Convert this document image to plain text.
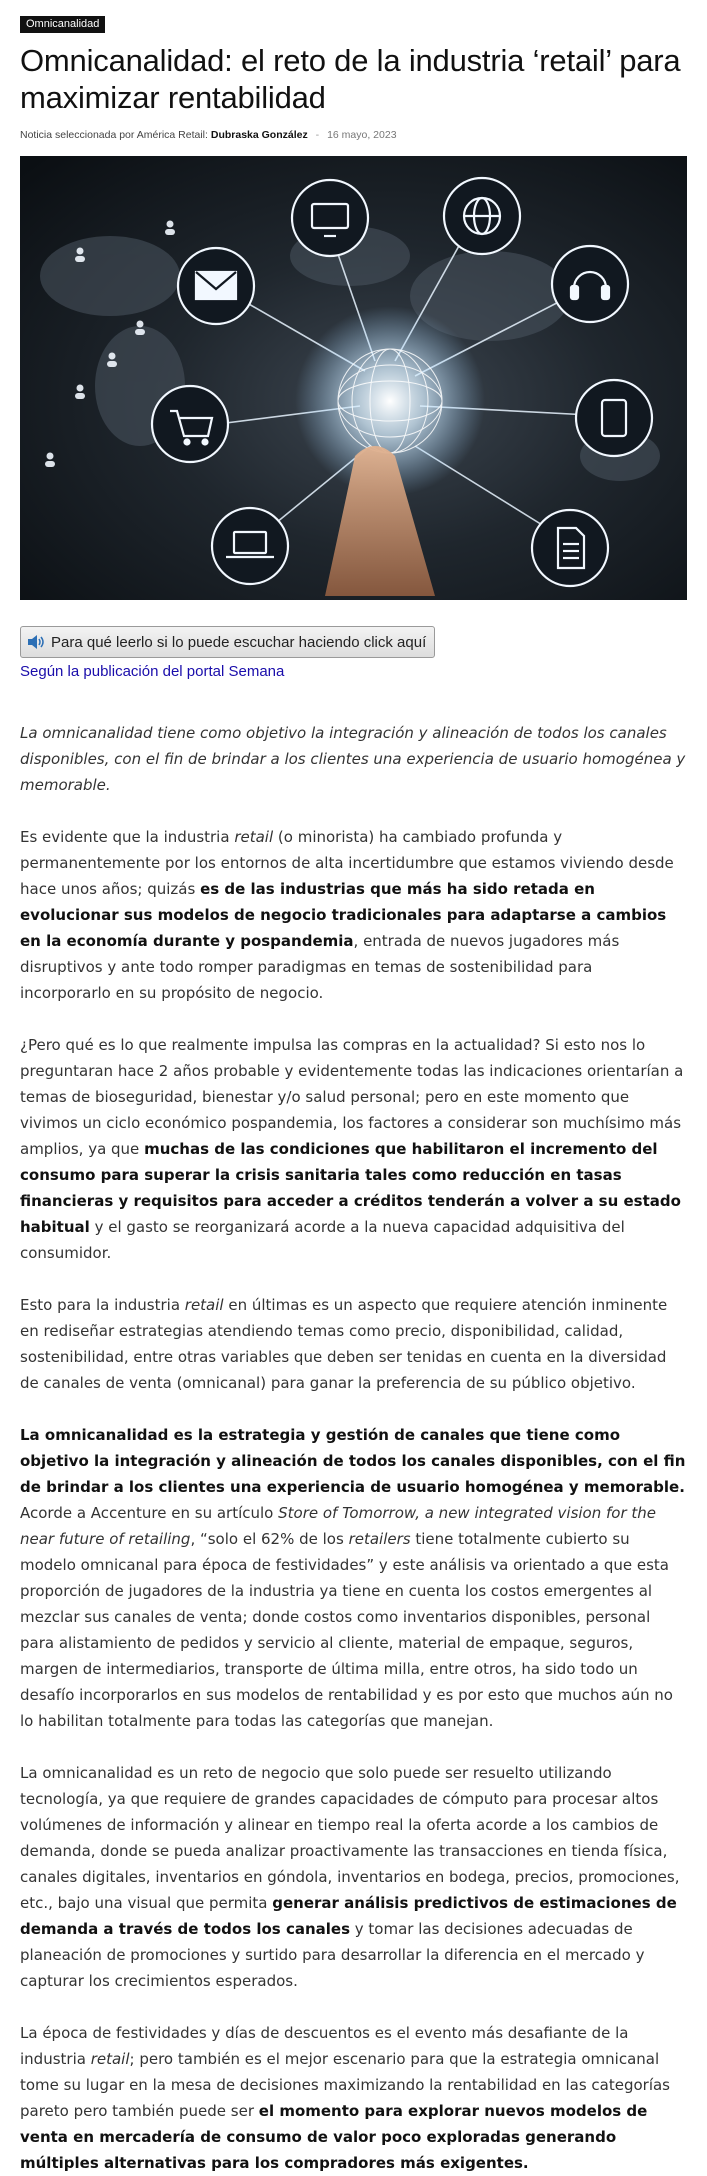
Omnicanalidad
Omnicanalidad: el reto de la industria ‘retail’ para maximizar rentabilidad
Noticia seleccionada por América Retail: Dubraska González - 16 mayo, 2023
Para qué leerlo si lo puede escuchar haciendo click aquí
Según la publicación del portal Semana

La omnicanalidad tiene como objetivo la integración y alineación de todos los canales disponibles, con el fin de brindar a los clientes una experiencia de usuario homogénea y memorable.

Es evidente que la industria retail (o minorista) ha cambiado profunda y permanentemente por los entornos de alta incertidumbre que estamos viviendo desde hace unos años; quizás es de las industrias que más ha sido retada en evolucionar sus modelos de negocio tradicionales para adaptarse a cambios en la economía durante y pospandemia, entrada de nuevos jugadores más disruptivos y ante todo romper paradigmas en temas de sostenibilidad para incorporarlo en su propósito de negocio.

¿Pero qué es lo que realmente impulsa las compras en la actualidad? Si esto nos lo preguntaran hace 2 años probable y evidentemente todas las indicaciones orientarían a temas de bioseguridad, bienestar y/o salud personal; pero en este momento que vivimos un ciclo económico pospandemia, los factores a considerar son muchísimo más amplios, ya que muchas de las condiciones que habilitaron el incremento del consumo para superar la crisis sanitaria tales como reducción en tasas financieras y requisitos para acceder a créditos tenderán a volver a su estado habitual y el gasto se reorganizará acorde a la nueva capacidad adquisitiva del consumidor.

Esto para la industria retail en últimas es un aspecto que requiere atención inminente en rediseñar estrategias atendiendo temas como precio, disponibilidad, calidad, sostenibilidad, entre otras variables que deben ser tenidas en cuenta en la diversidad de canales de venta (omnicanal) para ganar la preferencia de su público objetivo.

La omnicanalidad es la estrategia y gestión de canales que tiene como objetivo la integración y alineación de todos los canales disponibles, con el fin de brindar a los clientes una experiencia de usuario homogénea y memorable. Acorde a Accenture en su artículo Store of Tomorrow, a new integrated vision for the near future of retailing, “solo el 62% de los retailers tiene totalmente cubierto su modelo omnicanal para época de festividades” y este análisis va orientado a que esta proporción de jugadores de la industria ya tiene en cuenta los costos emergentes al mezclar sus canales de venta; donde costos como inventarios disponibles, personal para alistamiento de pedidos y servicio al cliente, material de empaque, seguros, margen de intermediarios, transporte de última milla, entre otros, ha sido todo un desafío incorporarlos en sus modelos de rentabilidad y es por esto que muchos aún no lo habilitan totalmente para todas las categorías que manejan.

La omnicanalidad es un reto de negocio que solo puede ser resuelto utilizando tecnología, ya que requiere de grandes capacidades de cómputo para procesar altos volúmenes de información y alinear en tiempo real la oferta acorde a los cambios de demanda, donde se pueda analizar proactivamente las transacciones en tienda física, canales digitales, inventarios en góndola, inventarios en bodega, precios, promociones, etc., bajo una visual que permita generar análisis predictivos de estimaciones de demanda a través de todos los canales y tomar las decisiones adecuadas de planeación de promociones y surtido para desarrollar la diferencia en el mercado y capturar los crecimientos esperados.

La época de festividades y días de descuentos es el evento más desafiante de la industria retail; pero también es el mejor escenario para que la estrategia omnicanal tome su lugar en la mesa de decisiones maximizando la rentabilidad en las categorías pareto pero también puede ser el momento para explorar nuevos modelos de venta en mercadería de consumo de valor poco exploradas generando múltiples alternativas para los compradores más exigentes.
